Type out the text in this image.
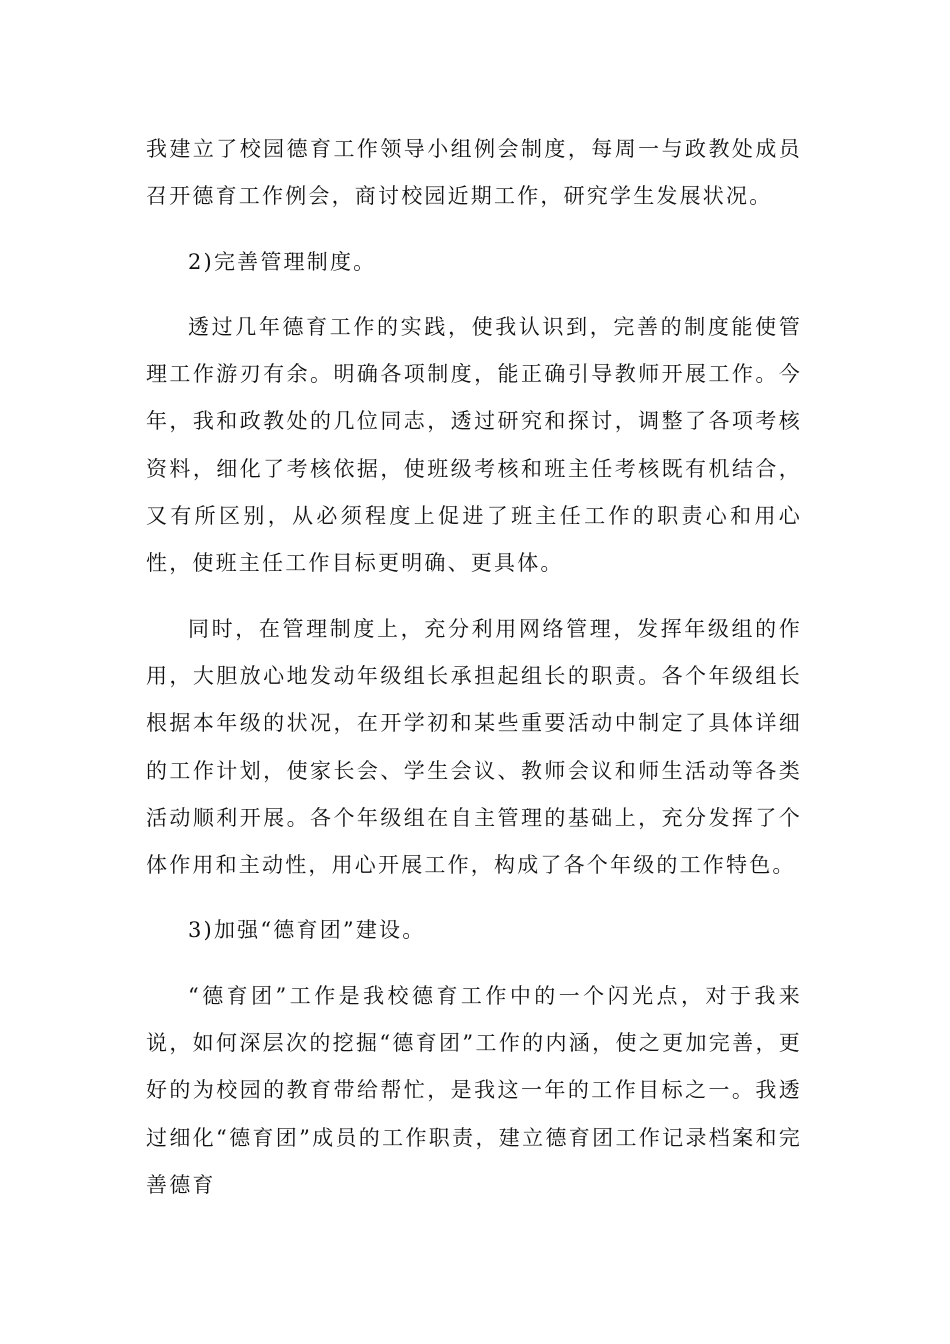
我建立了校园德育工作领导小组例会制度，每周一与政教处成员召开德育工作例会，商讨校园近期工作，研究学生发展状况。

2)完善管理制度。

透过几年德育工作的实践，使我认识到，完善的制度能使管理工作游刃有余。明确各项制度，能正确引导教师开展工作。今年，我和政教处的几位同志，透过研究和探讨，调整了各项考核资料，细化了考核依据，使班级考核和班主任考核既有机结合，又有所区别，从必须程度上促进了班主任工作的职责心和用心性，使班主任工作目标更明确、更具体。

同时，在管理制度上，充分利用网络管理，发挥年级组的作用，大胆放心地发动年级组长承担起组长的职责。各个年级组长根据本年级的状况，在开学初和某些重要活动中制定了具体详细的工作计划，使家长会、学生会议、教师会议和师生活动等各类活动顺利开展。各个年级组在自主管理的基础上，充分发挥了个体作用和主动性，用心开展工作，构成了各个年级的工作特色。

3)加强“德育团”建设。

“德育团”工作是我校德育工作中的一个闪光点，对于我来说，如何深层次的挖掘“德育团”工作的内涵，使之更加完善，更好的为校园的教育带给帮忙，是我这一年的工作目标之一。我透过细化“德育团”成员的工作职责，建立德育团工作记录档案和完善德育
